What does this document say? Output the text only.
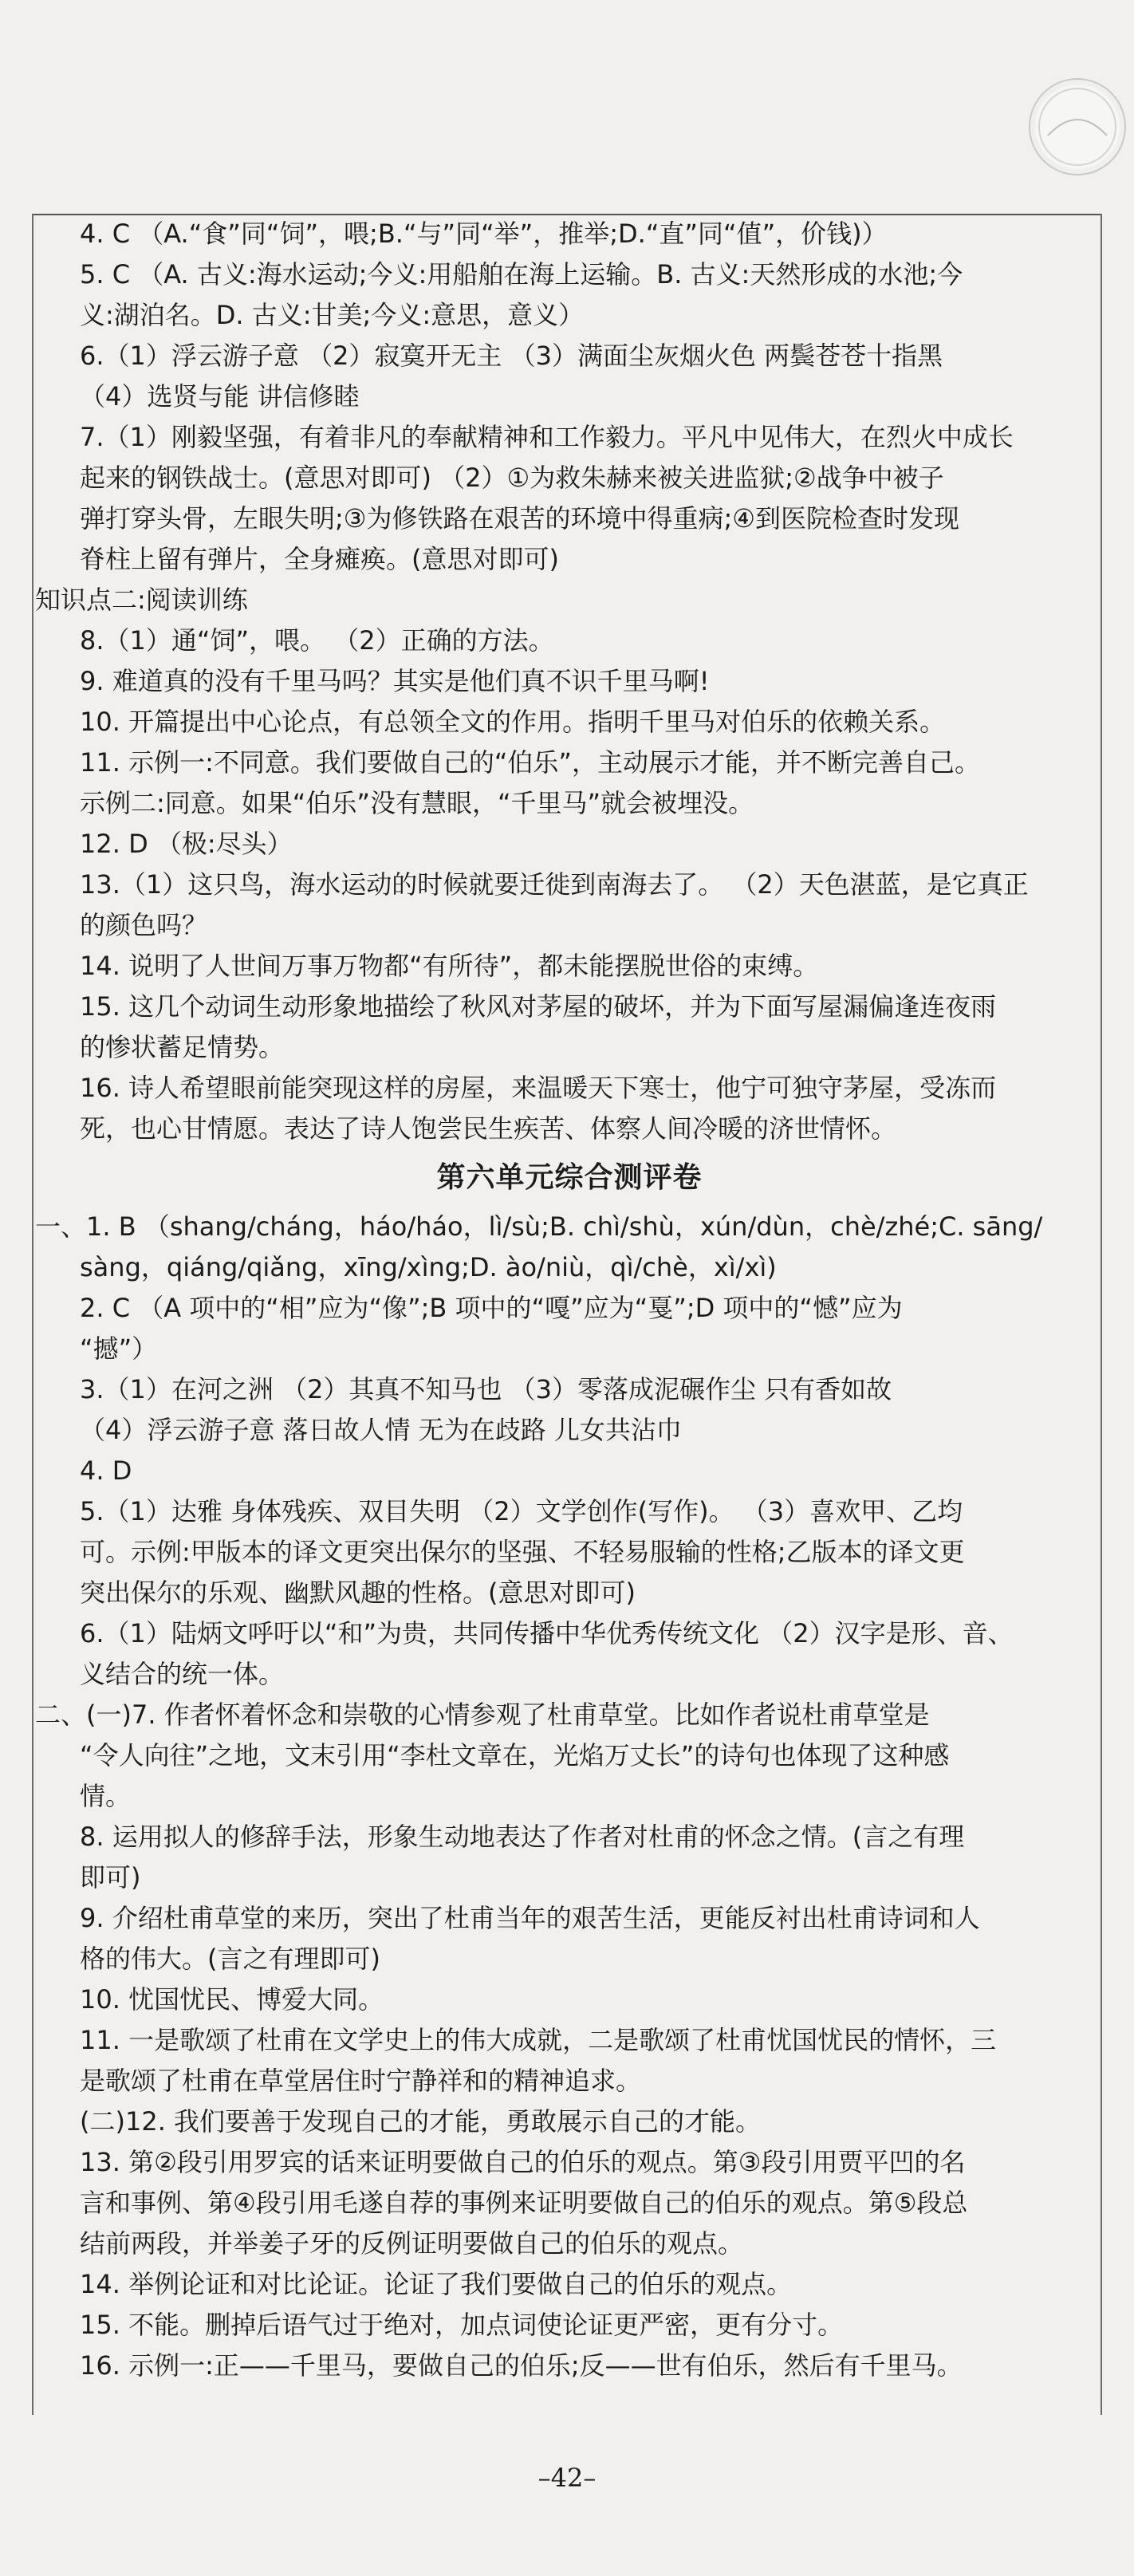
4. C （A.“食”同“饲”，喂;B.“与”同“举”，推举;D.“直”同“值”，价钱)）
5. C （A. 古义:海水运动;今义:用船舶在海上运输。B. 古义:天然形成的水池;今
义:湖泊名。D. 古义:甘美;今义:意思，意义）
6.（1）浮云游子意 （2）寂寞开无主 （3）满面尘灰烟火色 两鬓苍苍十指黑
（4）选贤与能 讲信修睦
7.（1）刚毅坚强，有着非凡的奉献精神和工作毅力。平凡中见伟大，在烈火中成长
起来的钢铁战士。(意思对即可) （2）①为救朱赫来被关进监狱;②战争中被子
弹打穿头骨，左眼失明;③为修铁路在艰苦的环境中得重病;④到医院检查时发现
脊柱上留有弹片，全身瘫痪。(意思对即可)
知识点二:阅读训练
8.（1）通“饲”，喂。 （2）正确的方法。
9. 难道真的没有千里马吗？其实是他们真不识千里马啊!
10. 开篇提出中心论点，有总领全文的作用。指明千里马对伯乐的依赖关系。
11. 示例一:不同意。我们要做自己的“伯乐”，主动展示才能，并不断完善自己。
示例二:同意。如果“伯乐”没有慧眼，“千里马”就会被埋没。
12. D （极:尽头）
13.（1）这只鸟，海水运动的时候就要迁徙到南海去了。 （2）天色湛蓝，是它真正
的颜色吗？
14. 说明了人世间万事万物都“有所待”，都未能摆脱世俗的束缚。
15. 这几个动词生动形象地描绘了秋风对茅屋的破坏，并为下面写屋漏偏逢连夜雨
的惨状蓄足情势。
16. 诗人希望眼前能突现这样的房屋，来温暖天下寒士，他宁可独守茅屋，受冻而
死，也心甘情愿。表达了诗人饱尝民生疾苦、体察人间冷暖的济世情怀。
第六单元综合测评卷
一、1. B （shang/cháng，háo/háo，lì/sù;B. chì/shù，xún/dùn，chè/zhé;C. sāng/
sàng，qiáng/qiǎng，xīng/xìng;D. ào/niù，qì/chè，xì/xì)
2. C （A 项中的“相”应为“像”;B 项中的“嘎”应为“戛”;D 项中的“憾”应为
“撼”）
3.（1）在河之洲 （2）其真不知马也 （3）零落成泥碾作尘 只有香如故
（4）浮云游子意 落日故人情 无为在歧路 儿女共沾巾
4. D
5.（1）达雅 身体残疾、双目失明 （2）文学创作(写作)。 （3）喜欢甲、乙均
可。示例:甲版本的译文更突出保尔的坚强、不轻易服输的性格;乙版本的译文更
突出保尔的乐观、幽默风趣的性格。(意思对即可)
6.（1）陆炳文呼吁以“和”为贵，共同传播中华优秀传统文化 （2）汉字是形、音、
义结合的统一体。
二、(一)7. 作者怀着怀念和崇敬的心情参观了杜甫草堂。比如作者说杜甫草堂是
“令人向往”之地，文末引用“李杜文章在，光焰万丈长”的诗句也体现了这种感
情。
8. 运用拟人的修辞手法，形象生动地表达了作者对杜甫的怀念之情。(言之有理
即可)
9. 介绍杜甫草堂的来历，突出了杜甫当年的艰苦生活，更能反衬出杜甫诗词和人
格的伟大。(言之有理即可)
10. 忧国忧民、博爱大同。
11. 一是歌颂了杜甫在文学史上的伟大成就，二是歌颂了杜甫忧国忧民的情怀，三
是歌颂了杜甫在草堂居住时宁静祥和的精神追求。
(二)12. 我们要善于发现自己的才能，勇敢展示自己的才能。
13. 第②段引用罗宾的话来证明要做自己的伯乐的观点。第③段引用贾平凹的名
言和事例、第④段引用毛遂自荐的事例来证明要做自己的伯乐的观点。第⑤段总
结前两段，并举姜子牙的反例证明要做自己的伯乐的观点。
14. 举例论证和对比论证。论证了我们要做自己的伯乐的观点。
15. 不能。删掉后语气过于绝对，加点词使论证更严密，更有分寸。
16. 示例一:正——千里马，要做自己的伯乐;反——世有伯乐，然后有千里马。
–42–
